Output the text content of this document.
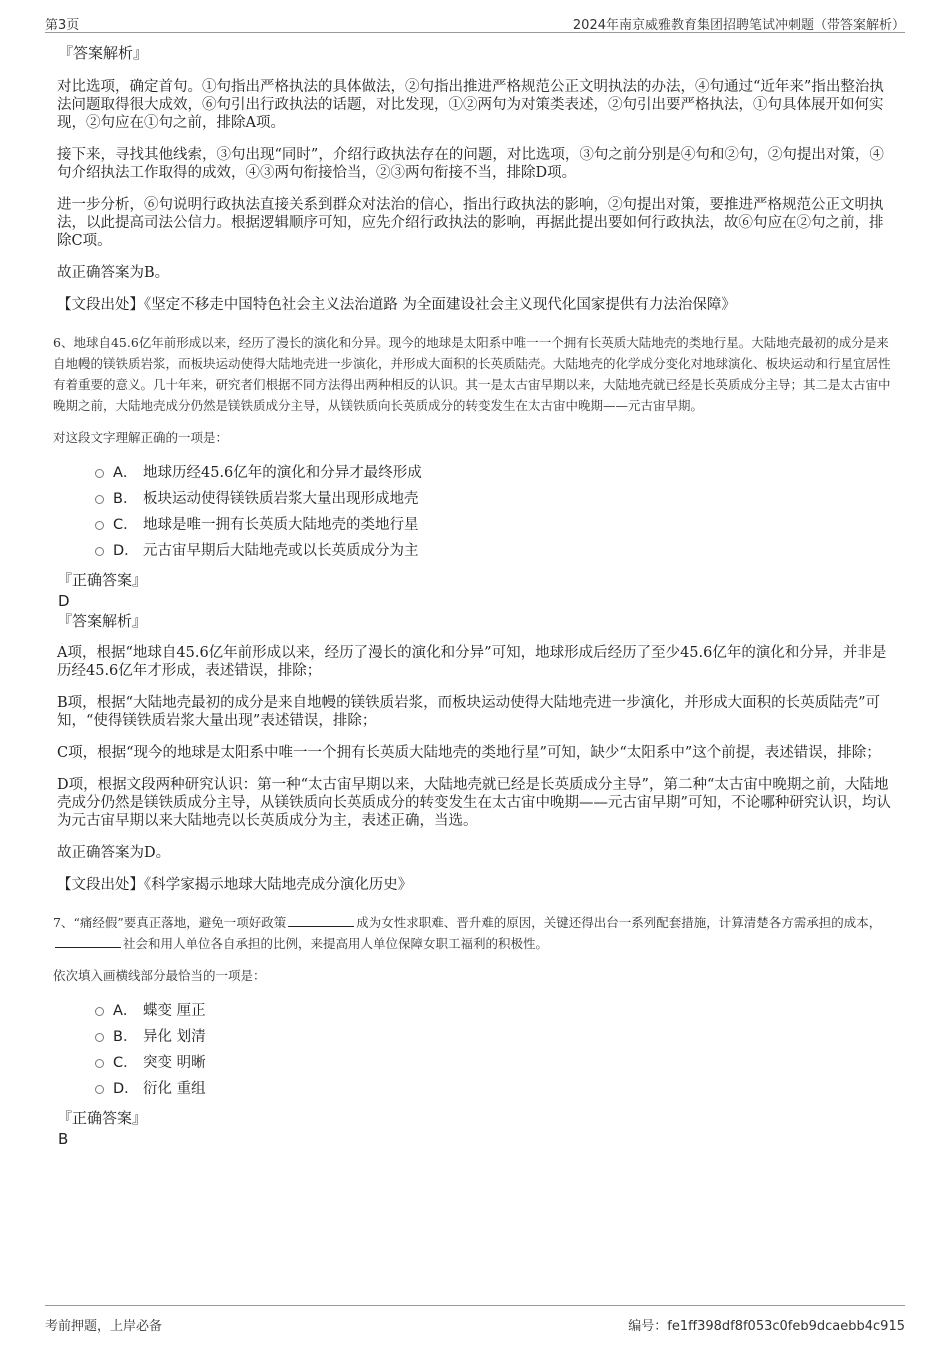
第3页	2024年南京威雅教育集团招聘笔试冲刺题（带答案解析）

『答案解析』

对比选项，确定首句。①句指出严格执法的具体做法，②句指出推进严格规范公正文明执法的办法，④句通过“近年来”指出整治执法问题取得很大成效，⑥句引出行政执法的话题，对比发现，①②两句为对策类表述，②句引出要严格执法，①句具体展开如何实现，②句应在①句之前，排除A项。

接下来，寻找其他线索，③句出现“同时”，介绍行政执法存在的问题，对比选项，③句之前分别是④句和②句，②句提出对策，④句介绍执法工作取得的成效，④③两句衔接恰当，②③两句衔接不当，排除D项。

进一步分析，⑥句说明行政执法直接关系到群众对法治的信心，指出行政执法的影响，②句提出对策，要推进严格规范公正文明执法，以此提高司法公信力。根据逻辑顺序可知，应先介绍行政执法的影响，再据此提出要如何行政执法，故⑥句应在②句之前，排除C项。

故正确答案为B。

【文段出处】《坚定不移走中国特色社会主义法治道路 为全面建设社会主义现代化国家提供有力法治保障》

6、地球自45.6亿年前形成以来，经历了漫长的演化和分异。现今的地球是太阳系中唯一一个拥有长英质大陆地壳的类地行星。大陆地壳最初的成分是来自地幔的镁铁质岩浆，而板块运动使得大陆地壳进一步演化，并形成大面积的长英质陆壳。大陆地壳的化学成分变化对地球演化、板块运动和行星宜居性有着重要的意义。几十年来，研究者们根据不同方法得出两种相反的认识。其一是太古宙早期以来，大陆地壳就已经是长英质成分主导；其二是太古宙中晚期之前，大陆地壳成分仍然是镁铁质成分主导，从镁铁质向长英质成分的转变发生在太古宙中晚期——元古宙早期。

对这段文字理解正确的一项是：

A． 地球历经45.6亿年的演化和分异才最终形成
B． 板块运动使得镁铁质岩浆大量出现形成地壳
C． 地球是唯一拥有长英质大陆地壳的类地行星
D． 元古宙早期后大陆地壳或以长英质成分为主

『正确答案』

D

『答案解析』

A项，根据“地球自45.6亿年前形成以来，经历了漫长的演化和分异”可知，地球形成后经历了至少45.6亿年的演化和分异，并非是历经45.6亿年才形成，表述错误，排除；

B项，根据“大陆地壳最初的成分是来自地幔的镁铁质岩浆，而板块运动使得大陆地壳进一步演化，并形成大面积的长英质陆壳”可知，“使得镁铁质岩浆大量出现”表述错误，排除；

C项，根据“现今的地球是太阳系中唯一一个拥有长英质大陆地壳的类地行星”可知，缺少“太阳系中”这个前提，表述错误，排除；

D项，根据文段两种研究认识：第一种“太古宙早期以来，大陆地壳就已经是长英质成分主导”，第二种“太古宙中晚期之前，大陆地壳成分仍然是镁铁质成分主导，从镁铁质向长英质成分的转变发生在太古宙中晚期——元古宙早期”可知，不论哪种研究认识，均认为元古宙早期以来大陆地壳以长英质成分为主，表述正确，当选。

故正确答案为D。

【文段出处】《科学家揭示地球大陆地壳成分演化历史》

7、“痛经假”要真正落地，避免一项好政策	成为女性求职难、晋升难的原因，关键还得出台一系列配套措施，计算清楚各方需承担的成本，社会和用人单位各自承担的比例，来提高用人单位保障女职工福利的积极性。

依次填入画横线部分最恰当的一项是：

A． 蝶变 厘正
B． 异化 划清
C． 突变 明晰
D． 衍化 重组

『正确答案』

B

考前押题，上岸必备	编号：fe1ff398df8f053c0feb9dcaebb4c915
